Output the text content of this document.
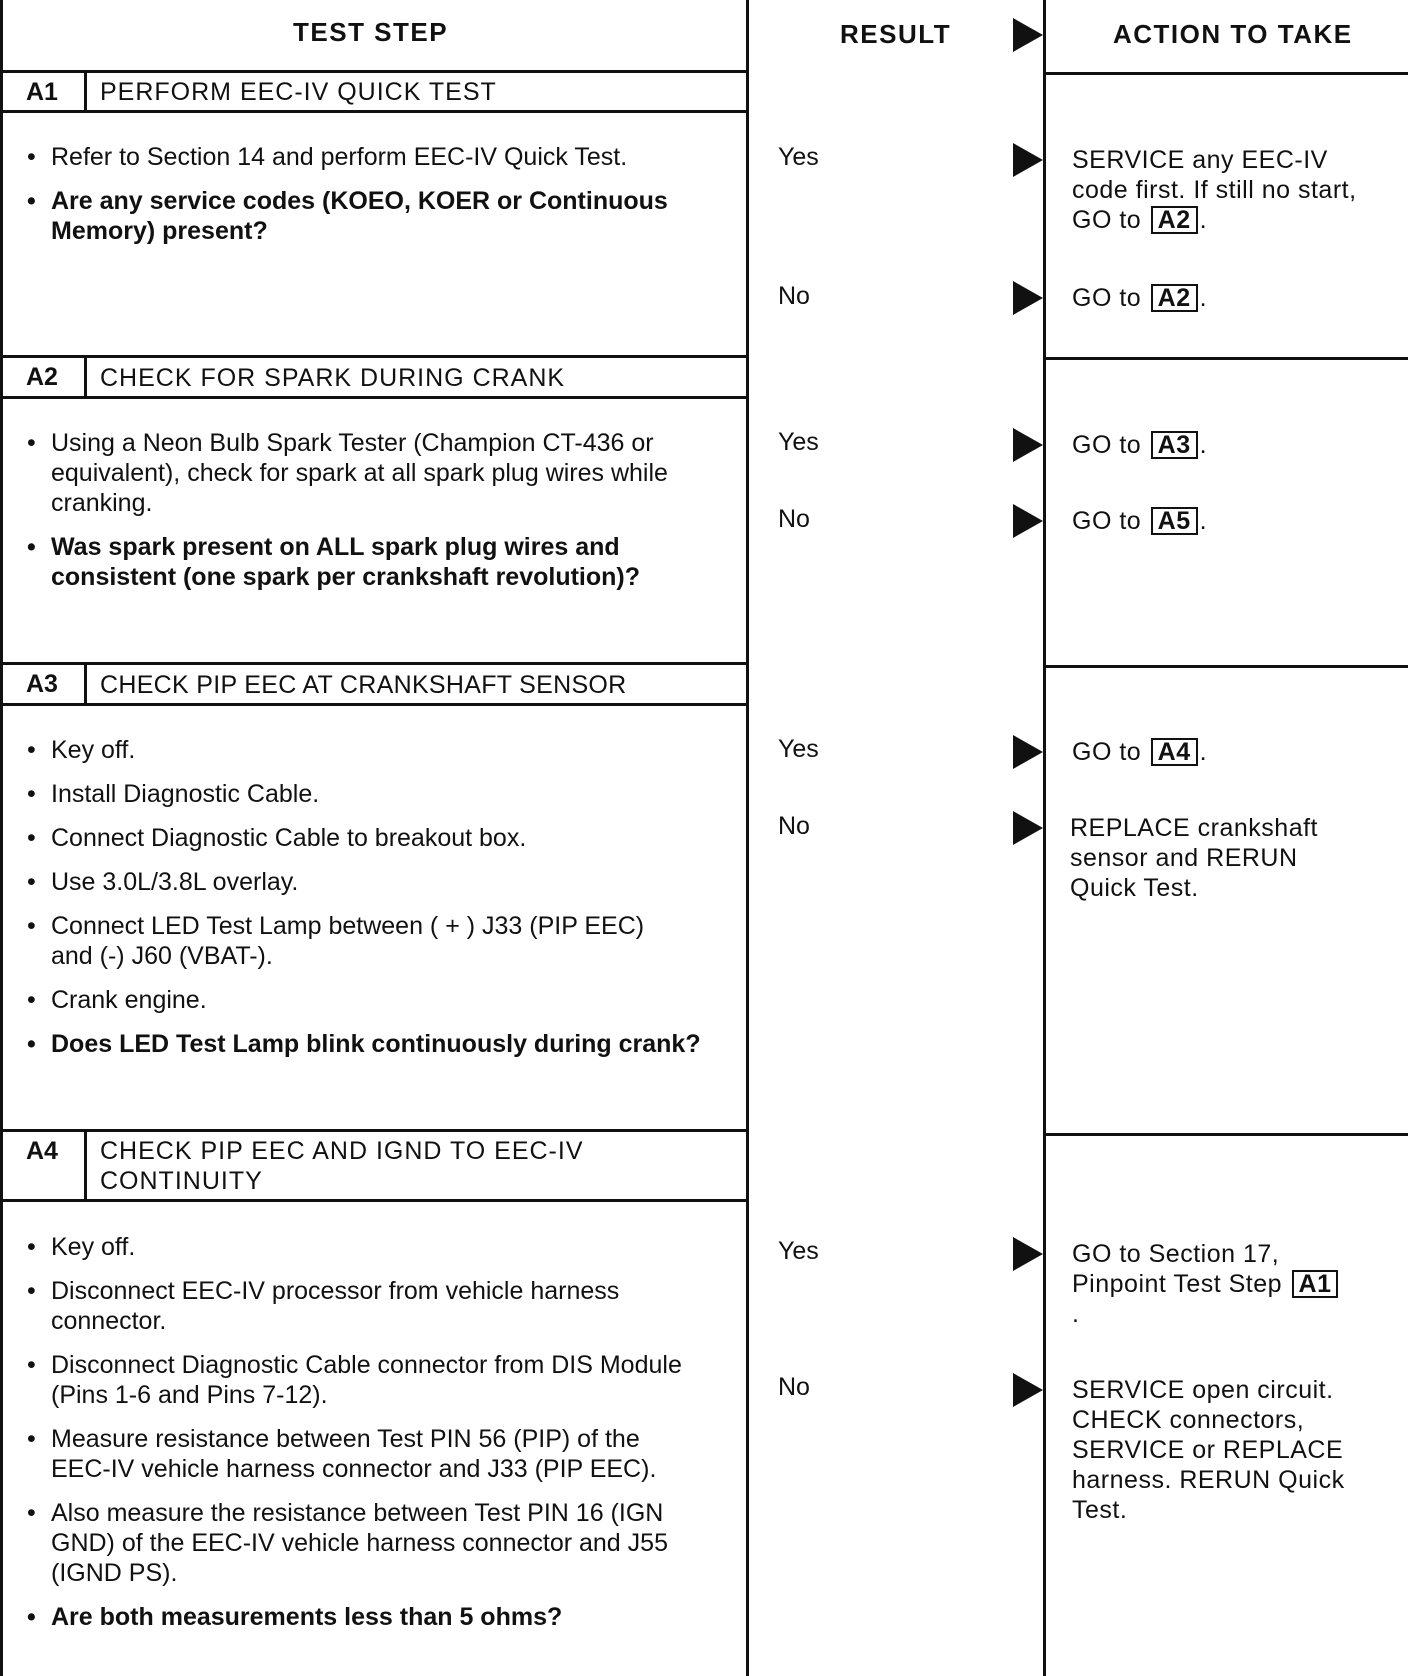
TEST STEP	RESULT	ACTION TO TAKE
A1 PERFORM EEC-IV QUICK TEST
• Refer to Section 14 and perform EEC-IV Quick Test.
• Are any service codes (KOEO, KOER or Continuous Memory) present?
Yes	SERVICE any EEC-IV code first. If still no start, GO to A2 .
No	GO to A2 .
A2 CHECK FOR SPARK DURING CRANK
• Using a Neon Bulb Spark Tester (Champion CT-436 or equivalent), check for spark at all spark plug wires while cranking.
• Was spark present on ALL spark plug wires and consistent (one spark per crankshaft revolution)?
Yes	GO to A3 .
No	GO to A5 .
A3 CHECK PIP EEC AT CRANKSHAFT SENSOR
• Key off.
• Install Diagnostic Cable.
• Connect Diagnostic Cable to breakout box.
• Use 3.0L/3.8L overlay.
• Connect LED Test Lamp between ( + ) J33 (PIP EEC) and (-) J60 (VBAT-).
• Crank engine.
• Does LED Test Lamp blink continuously during crank?
Yes	GO to A4 .
No	REPLACE crankshaft sensor and RERUN Quick Test.
A4 CHECK PIP EEC AND IGND TO EEC-IV CONTINUITY
• Key off.
• Disconnect EEC-IV processor from vehicle harness connector.
• Disconnect Diagnostic Cable connector from DIS Module (Pins 1-6 and Pins 7-12).
• Measure resistance between Test PIN 56 (PIP) of the EEC-IV vehicle harness connector and J33 (PIP EEC).
• Also measure the resistance between Test PIN 16 (IGN GND) of the EEC-IV vehicle harness connector and J55 (IGND PS).
• Are both measurements less than 5 ohms?
Yes	GO to Section 17, Pinpoint Test Step A1.
No	SERVICE open circuit. CHECK connectors, SERVICE or REPLACE harness. RERUN Quick Test.
